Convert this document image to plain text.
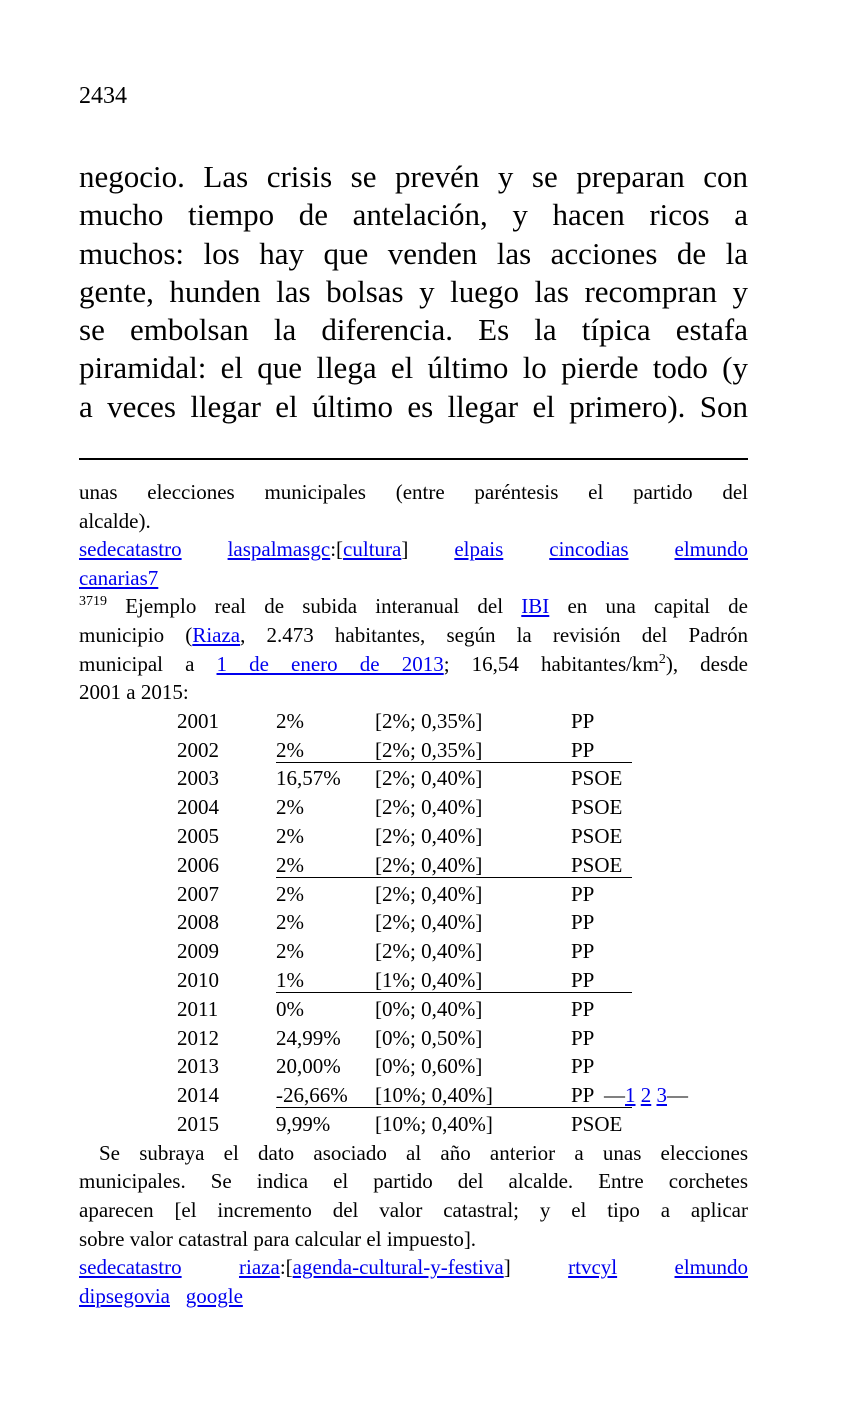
2434
negocio. Las crisis se prevén y se preparan con
mucho tiempo de antelación, y hacen ricos a
muchos: los hay que venden las acciones de la
gente, hunden las bolsas y luego las recompran y
se embolsan la diferencia. Es la típica estafa
piramidal: el que llega el último lo pierde todo (y
a veces llegar el último es llegar el primero). Son
unas elecciones municipales (entre paréntesis el partido del
alcalde).
sedecatastro laspalmasgc:[cultura] elpais cincodias elmundo
canarias7
$^{3719}$ Ejemplo real de subida interanual del IBI en una capital de
municipio (Riaza, 2.473 habitantes, según la revisión del Padrón
municipal a 1 de enero de 2013; 16,54 habitantes/$km^2$), desde
2001 a 2015:
2001	2%	[2%; 0,35%]	PP
2002	2%	[2%; 0,35%]	PP
2003	16,57% [2%; 0,40%]	PSOE
2004	2%	[2%; 0,40%]	PSOE
2005	2%	[2%; 0,40%]	PSOE
2006	2%	[2%; 0,40%]	PSOE
2007	2%	[2%; 0,40%]	PP
2008	2%	[2%; 0,40%]	PP
2009	2%	[2%; 0,40%]	PP
2010	1%	[1%; 0,40%]	PP
2011	0%	[0%; 0,40%]	PP
2012	24,99% [0%; 0,50%]	PP
2013	20,00% [0%; 0,60%]	PP
2014	-26,66% [10%; 0,40%]	PP —1 2 3—
2015	9,99% [10%; 0,40%]	PSOE
Se subraya el dato asociado al año anterior a unas elecciones
municipales. Se indica el partido del alcalde. Entre corchetes
aparecen [el incremento del valor catastral; y el tipo a aplicar
sobre valor catastral para calcular el impuesto].
sedecatastro	riaza:[agenda-cultural-y-festiva]	rtvcyl	elmundo
dipsegovia google
